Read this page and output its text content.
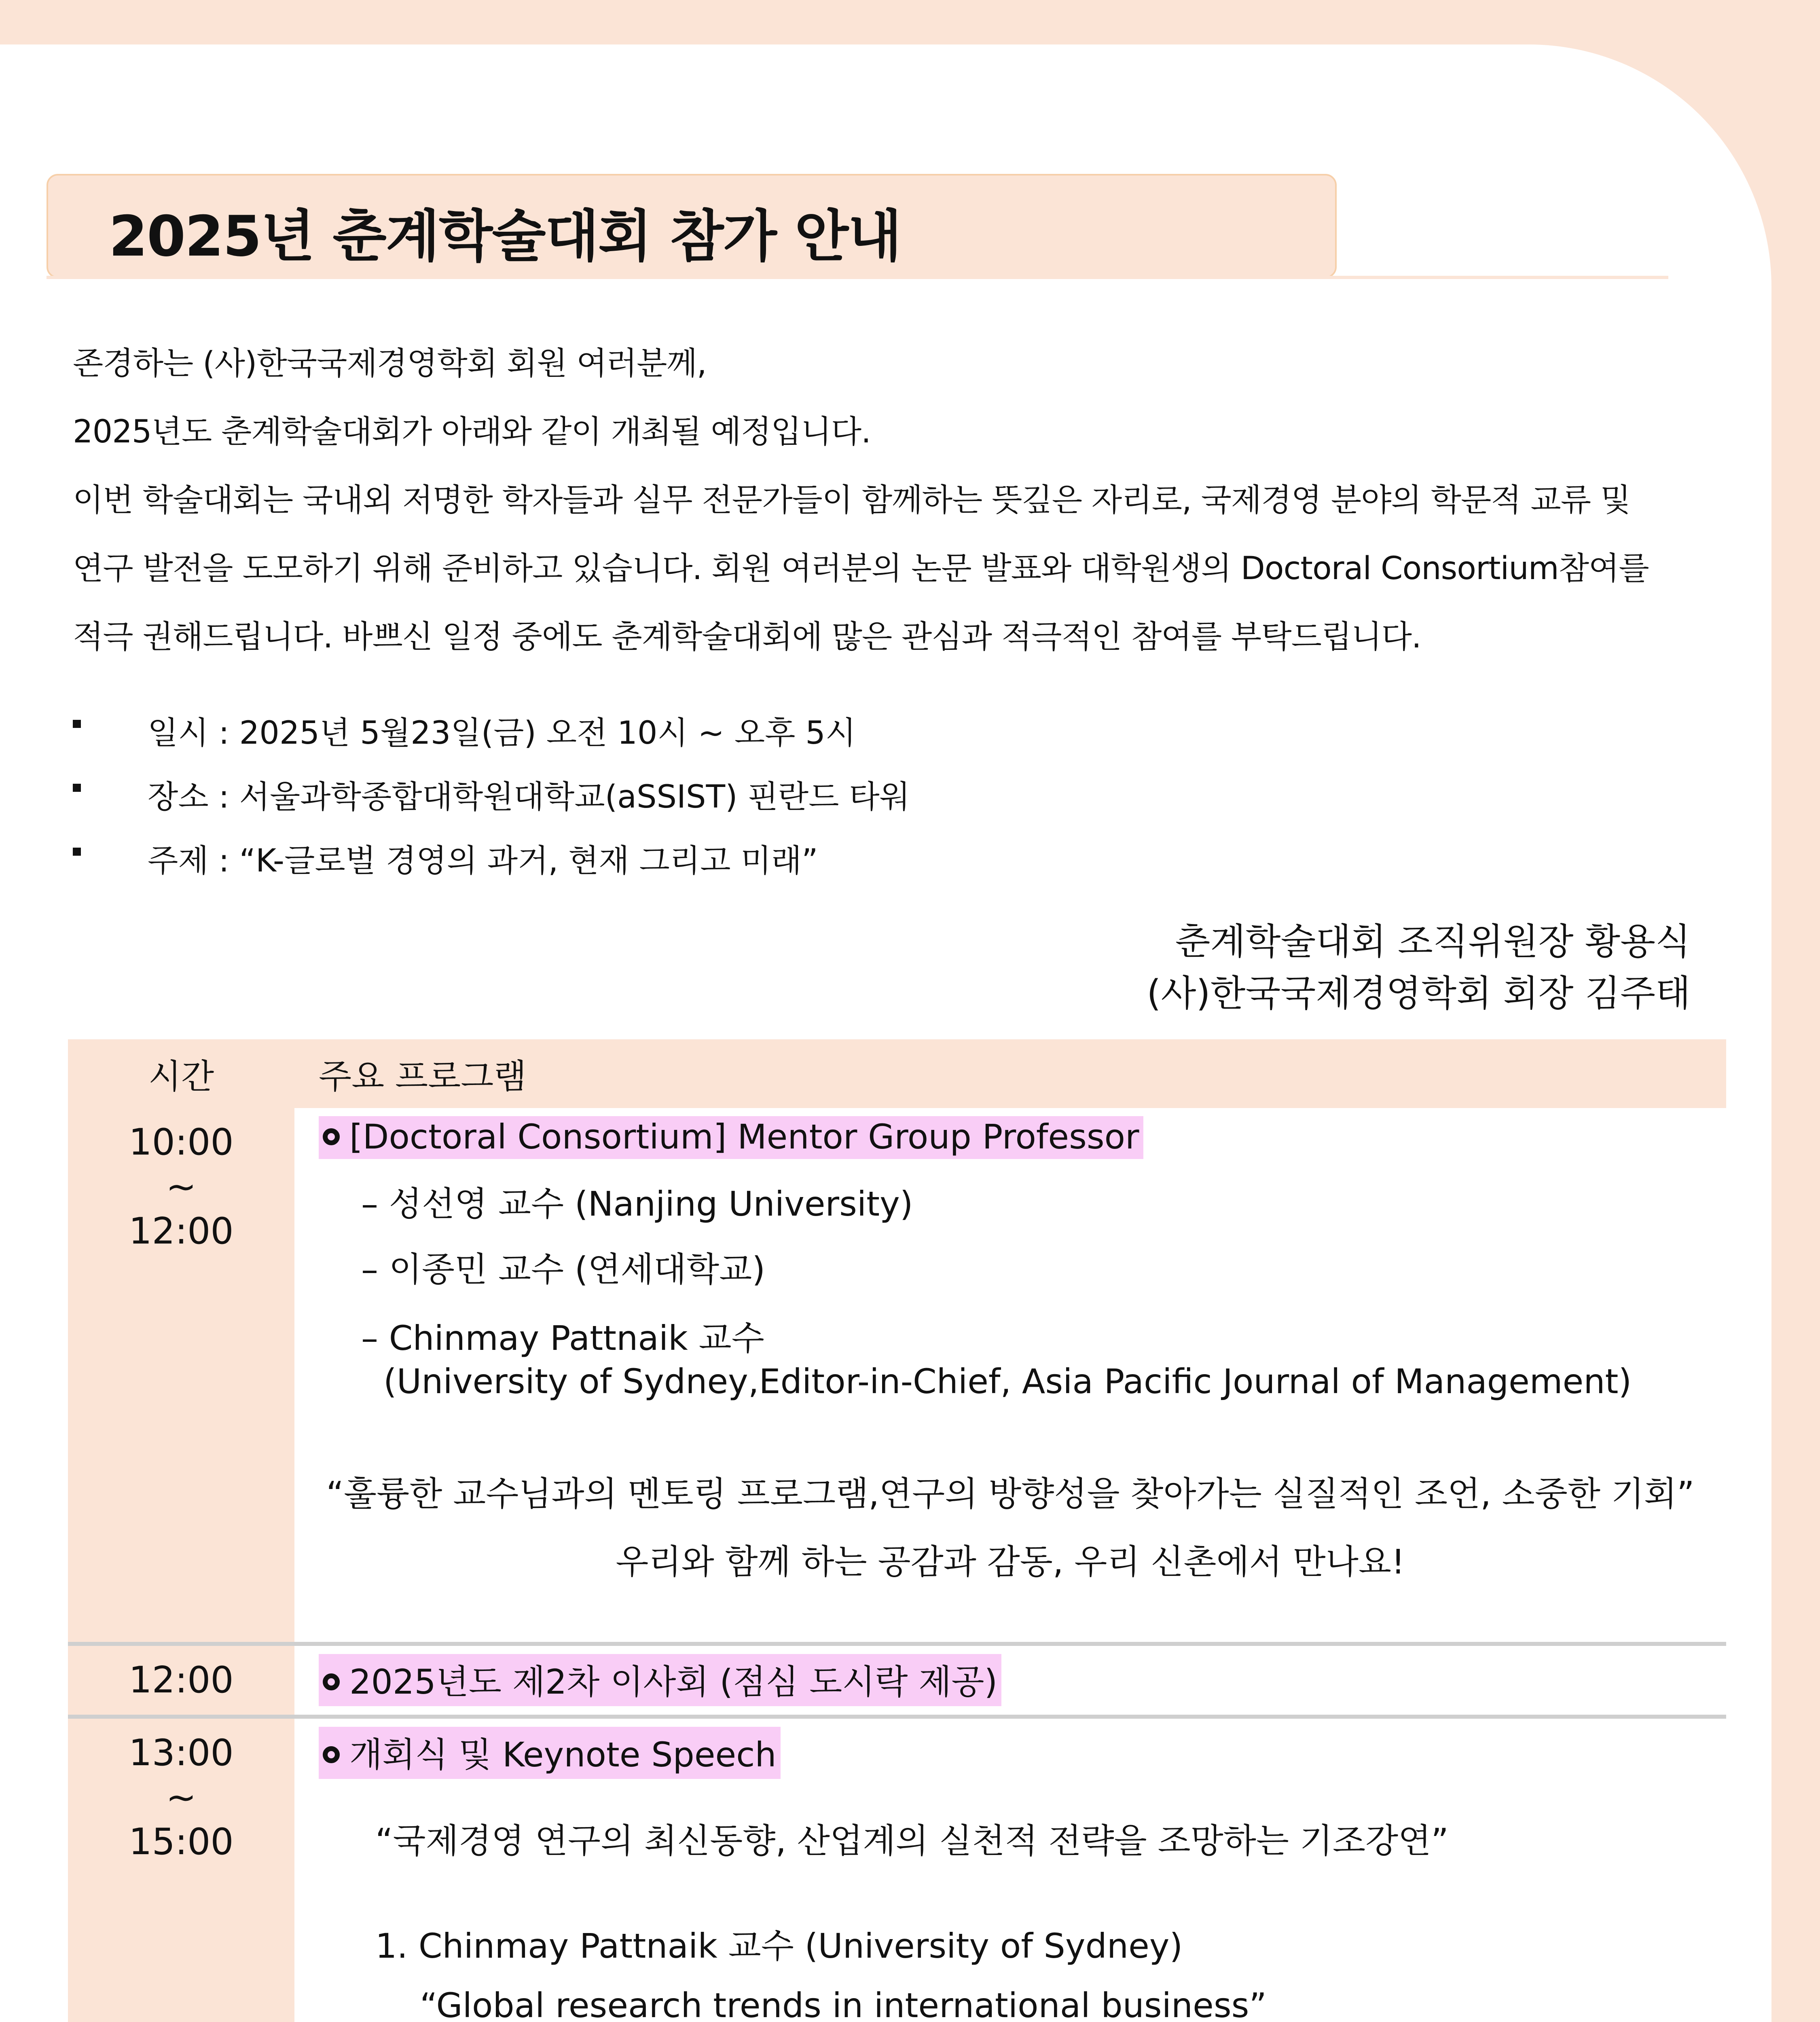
2025년 춘계학술대회 참가 안내
존경하는 (사)한국국제경영학회 회원 여러분께,
2025년도 춘계학술대회가 아래와 같이 개최될 예정입니다.
이번 학술대회는 국내외 저명한 학자들과 실무 전문가들이 함께하는 뜻깊은 자리로, 국제경영 분야의 학문적 교류 및
연구 발전을 도모하기 위해 준비하고 있습니다. 회원 여러분의 논문 발표와 대학원생의 Doctoral Consortium참여를
적극 권해드립니다. 바쁘신 일정 중에도 춘계학술대회에 많은 관심과 적극적인 참여를 부탁드립니다.
일시 : 2025년 5월23일(금) 오전 10시 ~ 오후 5시
장소 : 서울과학종합대학원대학교(aSSIST) 핀란드 타워
주제 : “K-글로벌 경영의 과거, 현재 그리고 미래”
춘계학술대회 조직위원장 황용식
(사)한국국제경영학회 회장 김주태
시간	주요 프로그램
10:00
~
12:00
[Doctoral Consortium] Mentor Group Professor
– 성선영 교수 (Nanjing University)
– 이종민 교수 (연세대학교)
– Chinmay Pattnaik 교수
(University of Sydney,Editor-in-Chief, Asia Pacific Journal of Management)
“훌륭한 교수님과의 멘토링 프로그램,연구의 방향성을 찾아가는 실질적인 조언, 소중한 기회”
우리와 함께 하는 공감과 감동, 우리 신촌에서 만나요!
12:00	2025년도 제2차 이사회 (점심 도시락 제공)
13:00
~
15:00
개회식 및 Keynote Speech
“국제경영 연구의 최신동향, 산업계의 실천적 전략을 조망하는 기조강연”
1. Chinmay Pattnaik 교수 (University of Sydney)
“Global research trends in international business”
